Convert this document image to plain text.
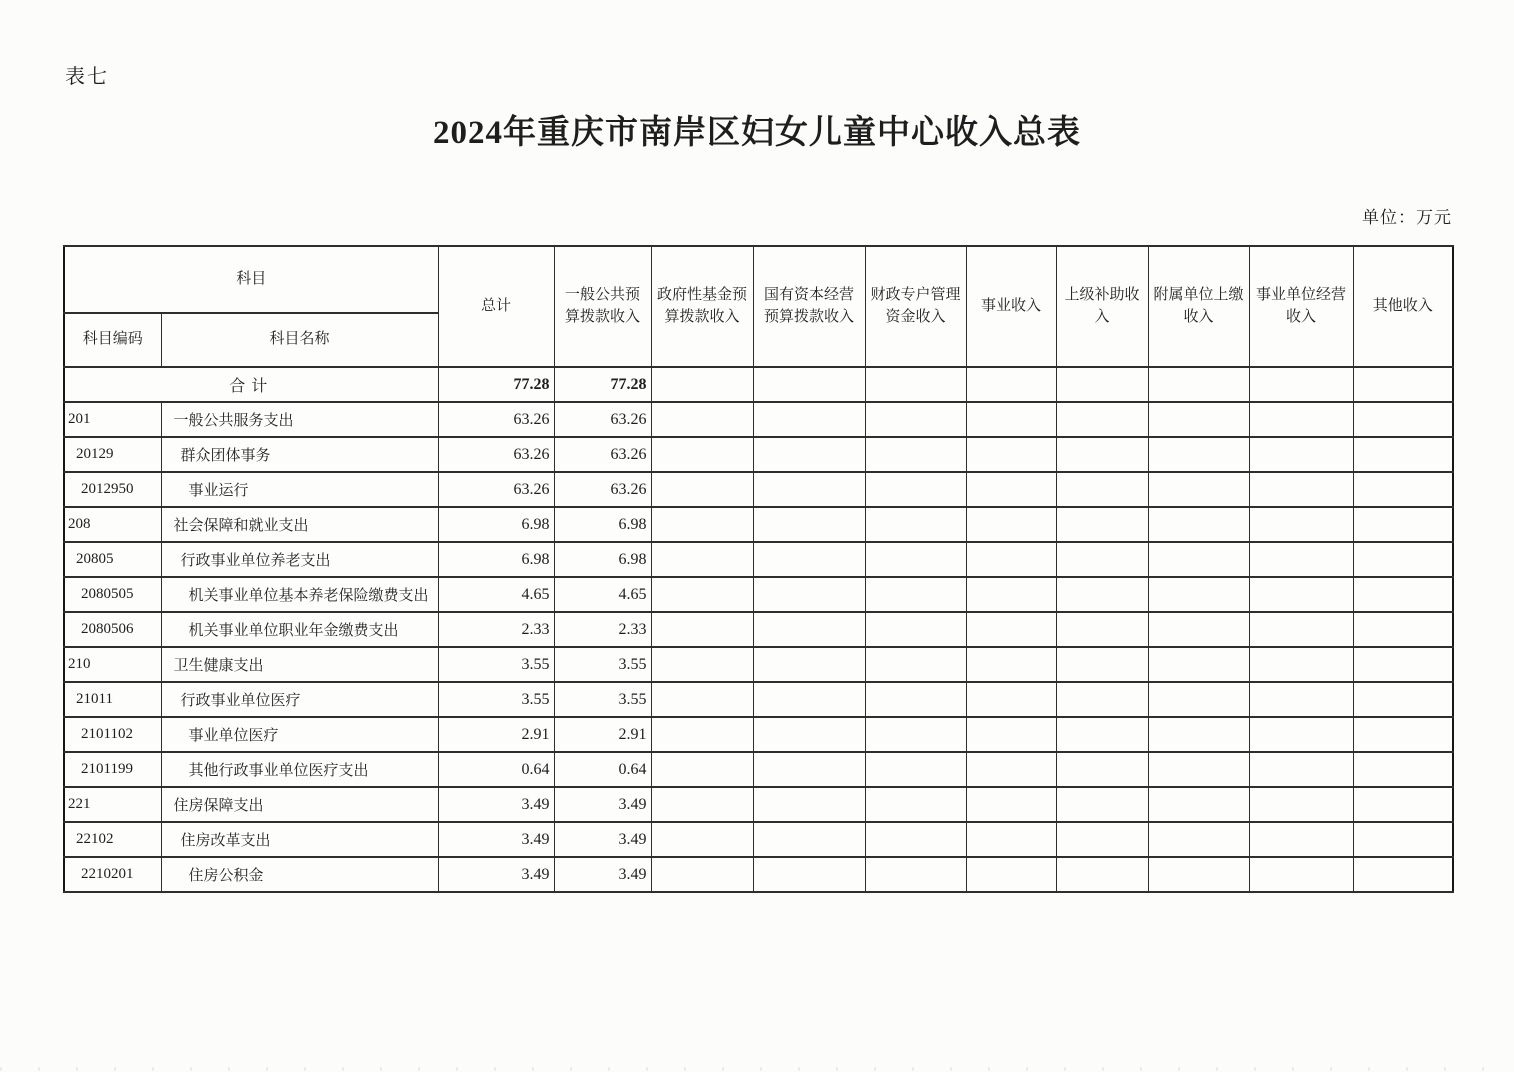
表七
2024年重庆市南岸区妇女儿童中心收入总表
单位：万元
科目		总计	一般公共预算拨款收入	政府性基金预算拨款收入	国有资本经营预算拨款收入	财政专户管理资金收入	事业收入	上级补助收入	附属单位上缴收入	事业单位经营收入	其他收入
科目编码	科目名称										
合计		77.28	77.28								
201	一般公共服务支出	63.26	63.26								
20129	群众团体事务	63.26	63.26								
2012950	事业运行	63.26	63.26								
208	社会保障和就业支出	6.98	6.98								
20805	行政事业单位养老支出	6.98	6.98								
2080505	机关事业单位基本养老保险缴费支出	4.65	4.65								
2080506	机关事业单位职业年金缴费支出	2.33	2.33								
210	卫生健康支出	3.55	3.55								
21011	行政事业单位医疗	3.55	3.55								
2101102	事业单位医疗	2.91	2.91								
2101199	其他行政事业单位医疗支出	0.64	0.64								
221	住房保障支出	3.49	3.49								
22102	住房改革支出	3.49	3.49								
2210201	住房公积金	3.49	3.49								
